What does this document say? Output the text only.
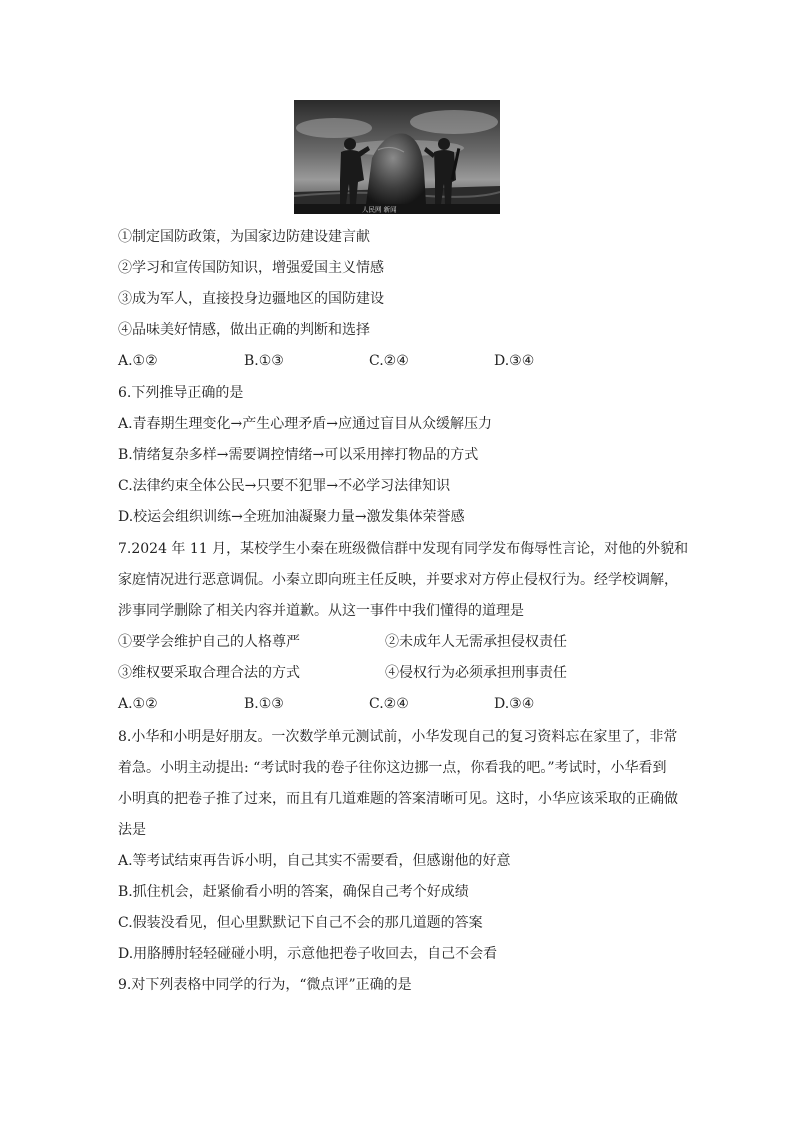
人民网 新闻
①制定国防政策，为国家边防建设建言献
②学习和宣传国防知识，增强爱国主义情感
③成为军人，直接投身边疆地区的国防建设
④品味美好情感，做出正确的判断和选择
A.①②	B.①③	C.②④	D.③④
6.下列推导正确的是
A.青春期生理变化→产生心理矛盾→应通过盲目从众缓解压力
B.情绪复杂多样→需要调控情绪→可以采用摔打物品的方式
C.法律约束全体公民→只要不犯罪→不必学习法律知识
D.校运会组织训练→全班加油凝聚力量→激发集体荣誉感
7.2024 年 11 月，某校学生小秦在班级微信群中发现有同学发布侮辱性言论，对他的外貌和
家庭情况进行恶意调侃。小秦立即向班主任反映，并要求对方停止侵权行为。经学校调解，
涉事同学删除了相关内容并道歉。从这一事件中我们懂得的道理是
①要学会维护自己的人格尊严	②未成年人无需承担侵权责任
③维权要采取合理合法的方式	④侵权行为必须承担刑事责任
A.①②	B.①③	C.②④	D.③④
8.小华和小明是好朋友。一次数学单元测试前，小华发现自己的复习资料忘在家里了，非常
着急。小明主动提出: “考试时我的卷子往你这边挪一点，你看我的吧。”考试时，小华看到
小明真的把卷子推了过来，而且有几道难题的答案清晰可见。这时，小华应该采取的正确做
法是
A.等考试结束再告诉小明，自己其实不需要看，但感谢他的好意
B.抓住机会，赶紧偷看小明的答案，确保自己考个好成绩
C.假装没看见，但心里默默记下自己不会的那几道题的答案
D.用胳膊肘轻轻碰碰小明，示意他把卷子收回去，自己不会看
9.对下列表格中同学的行为，“微点评”正确的是
